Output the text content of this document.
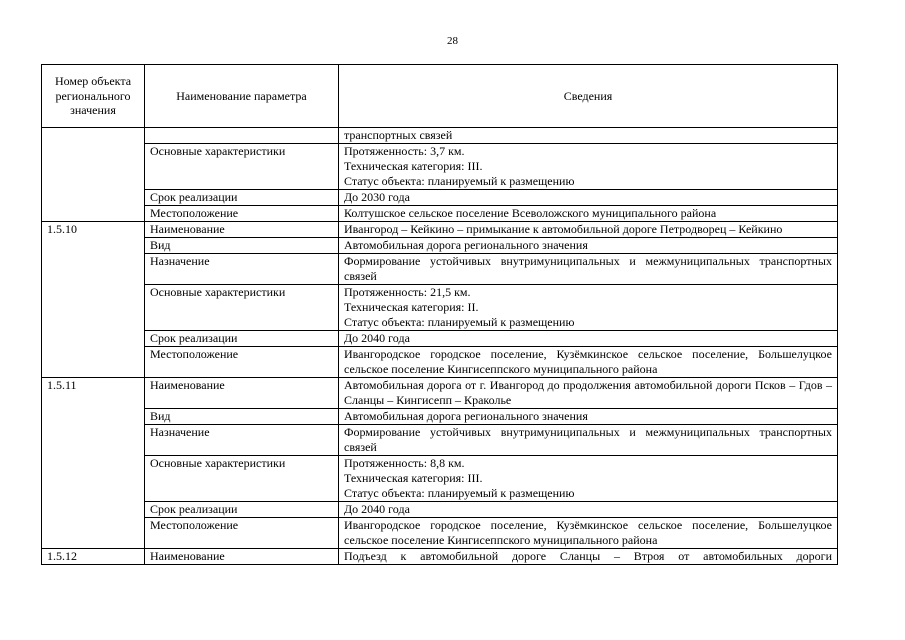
28
Номер объекта регионального значения	Наименование параметра	Сведения

		транспортных связей

	Основные характеристики	Протяженность: 3,7 км.
Техническая категория: III.
Статус объекта: планируемый к размещению

	Срок реализации	До 2030 года

	Местоположение	Колтушское сельское поселение Всеволожского муниципального района

1.5.10	Наименование	Ивангород – Кейкино – примыкание к автомобильной дороге Петродворец – Кейкино
	Вид	Автомобильная дорога регионального значения

	Назначение	Формирование устойчивых внутримуниципальных и межмуниципальных транспортных связей
	Основные характеристики	Протяженность: 21,5 км.
Техническая категория: II.
Статус объекта: планируемый к размещению

	Срок реализации	До 2040 года

	Местоположение	Ивангородское городское поселение, Кузёмкинское сельское поселение, Большелуцкое сельское поселение Кингисеппского муниципального района
1.5.11	Наименование	Автомобильная дорога от г. Ивангород до продолжения автомобильной дороги Псков – Гдов – Сланцы – Кингисепп – Краколье
	Вид	Автомобильная дорога регионального значения

	Назначение	Формирование устойчивых внутримуниципальных и межмуниципальных транспортных связей
	Основные характеристики	Протяженность: 8,8 км.
Техническая категория: III.
Статус объекта: планируемый к размещению

	Срок реализации	До 2040 года

	Местоположение	Ивангородское городское поселение, Кузёмкинское сельское поселение, Большелуцкое сельское поселение Кингисеппского муниципального района
1.5.12	Наименование	Подъезд к автомобильной дороге Сланцы – Втроя от автомобильных дороги
